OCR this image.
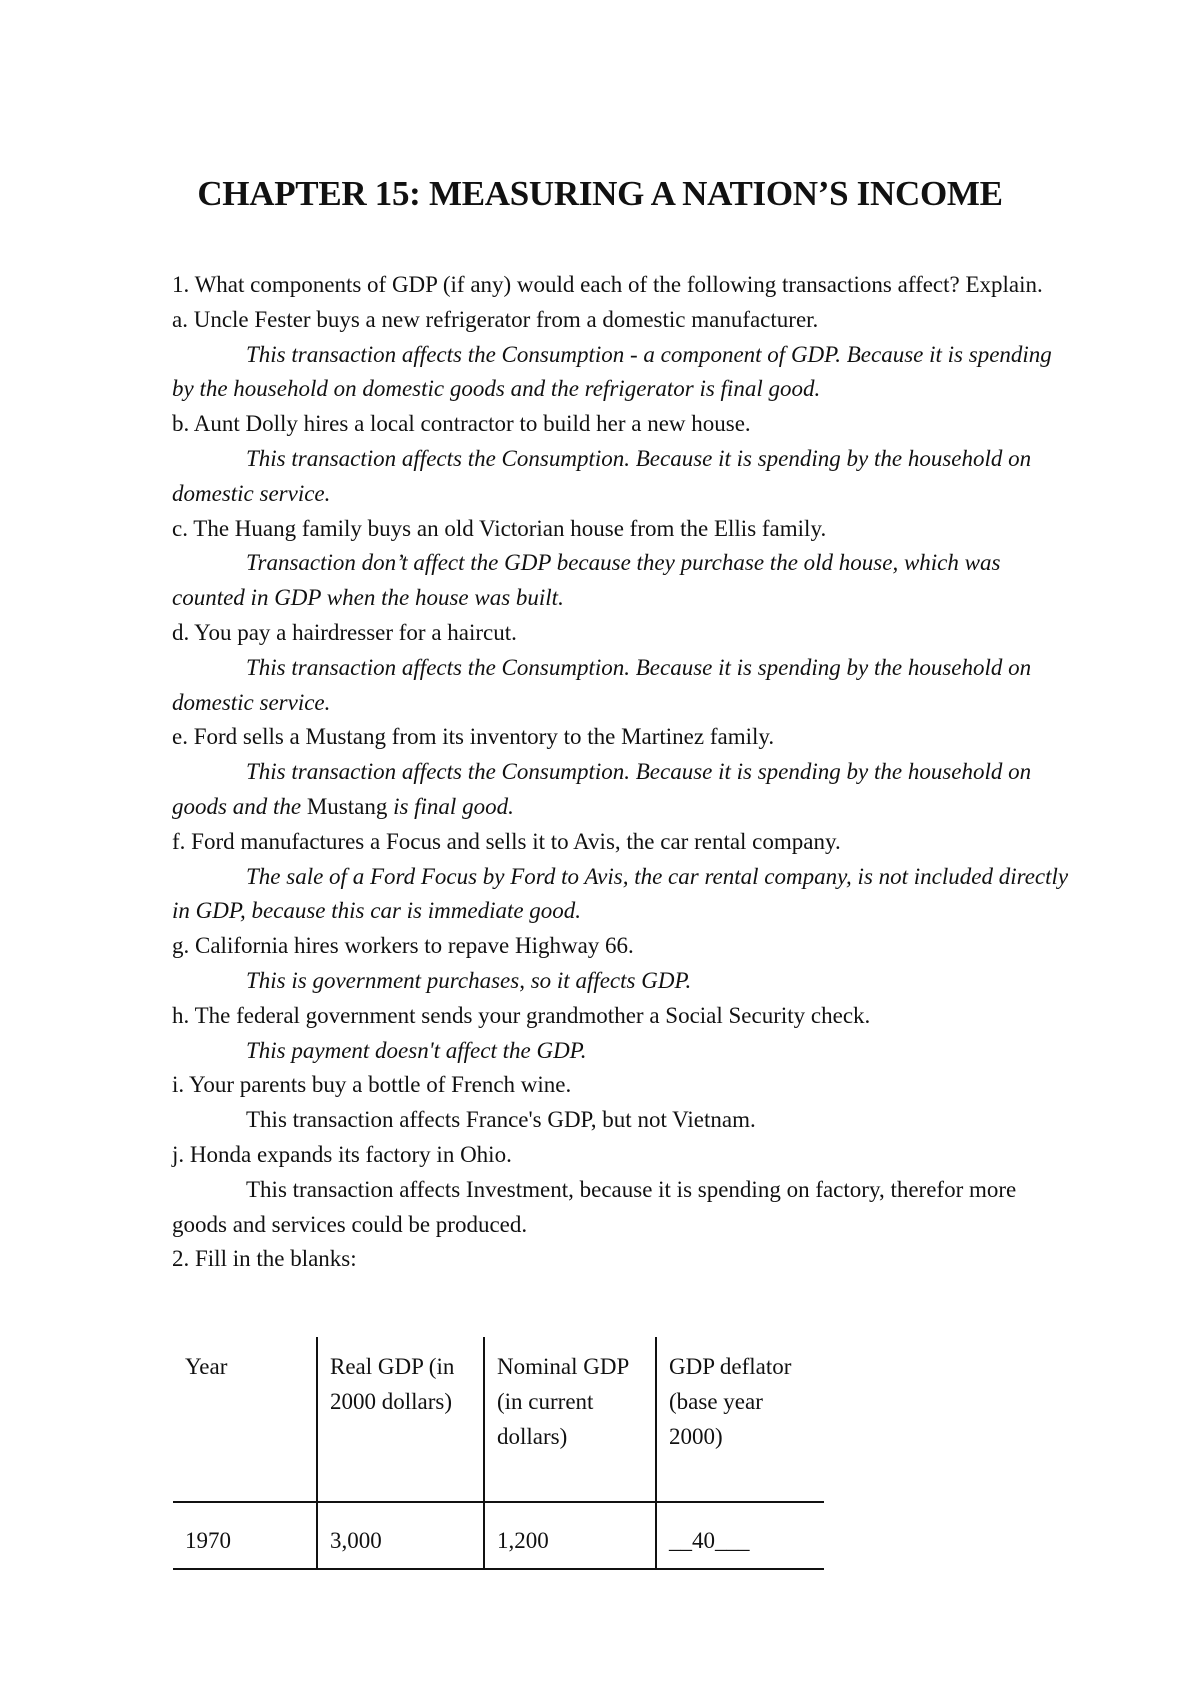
CHAPTER 15: MEASURING A NATION’S INCOME

1. What components of GDP (if any) would each of the following transactions affect? Explain.

a. Uncle Fester buys a new refrigerator from a domestic manufacturer.

This transaction affects the Consumption - a component of GDP. Because it is spending by the household on domestic goods and the refrigerator is final good.

b. Aunt Dolly hires a local contractor to build her a new house.

This transaction affects the Consumption. Because it is spending by the household on domestic service.

c. The Huang family buys an old Victorian house from the Ellis family.

Transaction don’t affect the GDP because they purchase the old house, which was counted in GDP when the house was built.

d. You pay a hairdresser for a haircut.

This transaction affects the Consumption. Because it is spending by the household on domestic service.

e. Ford sells a Mustang from its inventory to the Martinez family.

This transaction affects the Consumption. Because it is spending by the household on goods and the Mustang is final good.

f. Ford manufactures a Focus and sells it to Avis, the car rental company.

The sale of a Ford Focus by Ford to Avis, the car rental company, is not included directly in GDP, because this car is immediate good.

g. California hires workers to repave Highway 66.

This is government purchases, so it affects GDP.

h. The federal government sends your grandmother a Social Security check.

This payment doesn't affect the GDP.

i. Your parents buy a bottle of French wine.

This transaction affects France's GDP, but not Vietnam.

j. Honda expands its factory in Ohio.

This transaction affects Investment, because it is spending on factory, therefor more goods and services could be produced.

2. Fill in the blanks:

Year	Real GDP (in 2000 dollars)	Nominal GDP (in current dollars)	GDP deflator (base year 2000)
1970	3,000	1,200	__40___
